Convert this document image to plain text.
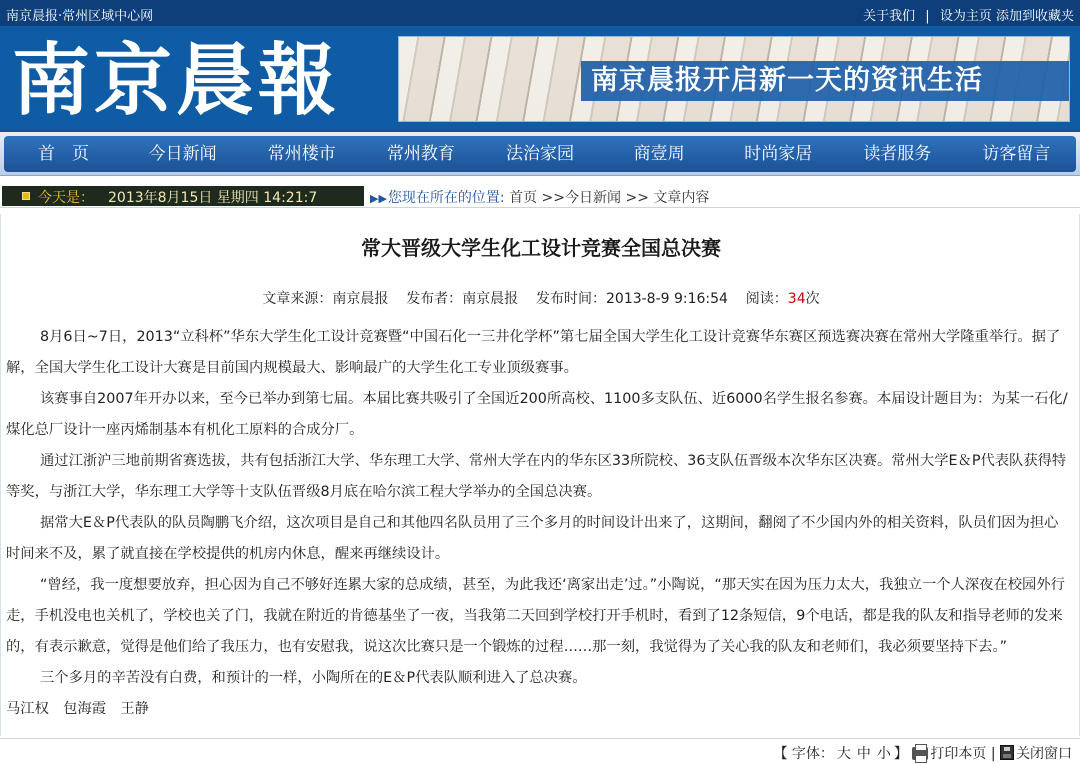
南京晨报·常州区域中心网	关于我们 | 设为主页 添加到收藏夹
南京晨報	南京晨报开启新一天的资讯生活
首　页	今日新闻	常州楼市	常州教育	法治家园	商壹周	时尚家居	读者服务	访客留言
今天是： 2013年8月15日 星期四 14:21:7	▶▶您现在所在的位置: 首页 >>今日新闻 >> 文章内容
常大晋级大学生化工设计竞赛全国总决赛
文章来源：南京晨报 发布者：南京晨报 发布时间：2013-8-9 9:16:54 阅读：34次

8月6日~7日，2013“立科杯”华东大学生化工设计竞赛暨“中国石化一三井化学杯”第七届全国大学生化工设计竞赛华东赛区预选赛决赛在常州大学隆重举行。据了解，全国大学生化工设计大赛是目前国内规模最大、影响最广的大学生化工专业顶级赛事。

该赛事自2007年开办以来，至今已举办到第七届。本届比赛共吸引了全国近200所高校、1100多支队伍、近6000名学生报名参赛。本届设计题目为：为某一石化/煤化总厂设计一座丙烯制基本有机化工原料的合成分厂。

通过江浙沪三地前期省赛选拔，共有包括浙江大学、华东理工大学、常州大学在内的华东区33所院校、36支队伍晋级本次华东区决赛。常州大学E＆P代表队获得特等奖，与浙江大学，华东理工大学等十支队伍晋级8月底在哈尔滨工程大学举办的全国总决赛。

据常大E＆P代表队的队员陶鹏飞介绍，这次项目是自己和其他四名队员用了三个多月的时间设计出来了，这期间，翻阅了不少国内外的相关资料，队员们因为担心时间来不及，累了就直接在学校提供的机房内休息，醒来再继续设计。

“曾经，我一度想要放弃，担心因为自己不够好连累大家的总成绩，甚至，为此我还‘离家出走’过。”小陶说，“那天实在因为压力太大，我独立一个人深夜在校园外行走，手机没电也关机了，学校也关了门，我就在附近的肯德基坐了一夜，当我第二天回到学校打开手机时，看到了12条短信，9个电话，都是我的队友和指导老师的发来的，有表示歉意，觉得是他们给了我压力，也有安慰我，说这次比赛只是一个锻炼的过程……那一刻，我觉得为了关心我的队友和老师们，我必须要坚持下去。”

三个多月的辛苦没有白费，和预计的一样，小陶所在的E＆P代表队顺利进入了总决赛。

马江权　包海霞　王静
【 字体： 大 中 小 】 打印本页 | 关闭窗口
